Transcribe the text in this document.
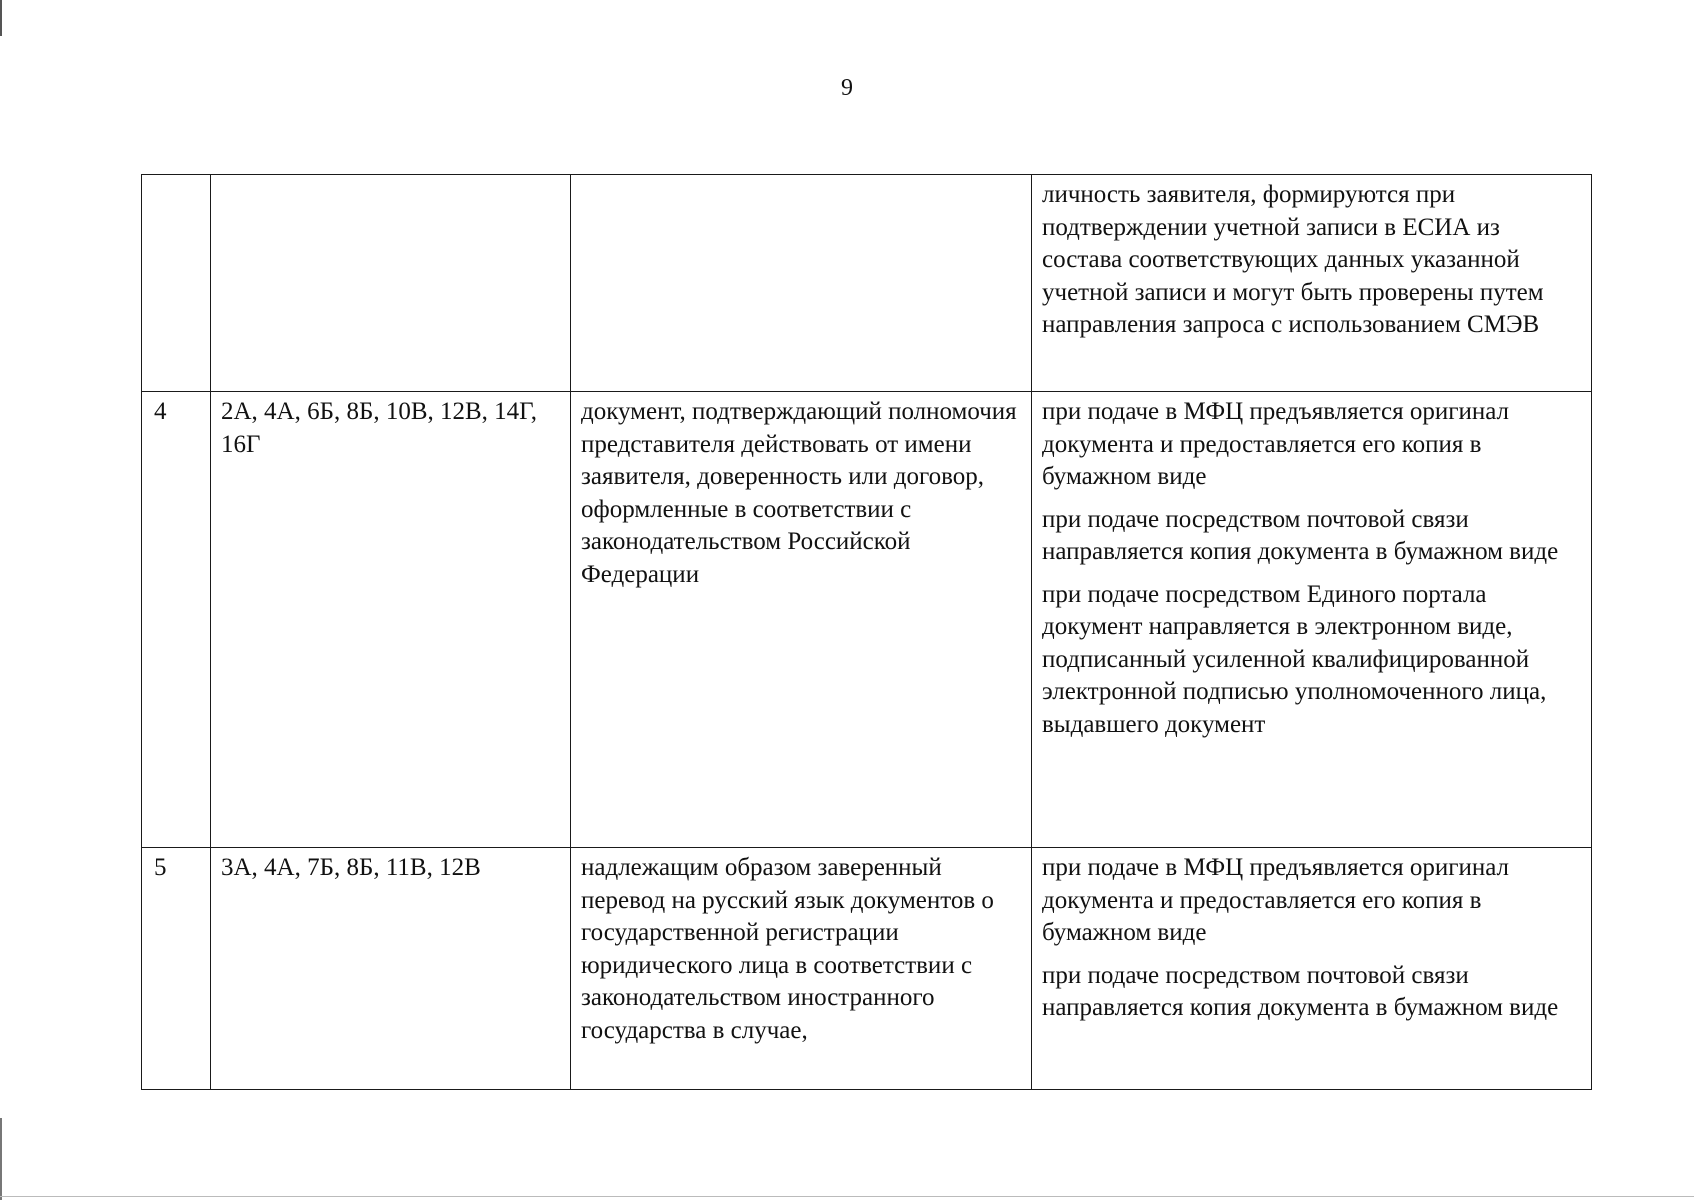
9

			личность заявителя, формируются при подтверждении учетной записи в ЕСИА из состава соответствующих данных указанной учетной записи и могут быть проверены путем направления запроса с использованием СМЭВ

4	2А, 4А, 6Б, 8Б, 10В, 12В, 14Г, 16Г	документ, подтверждающий полномочия представителя действовать от имени заявителя, доверенность или договор, оформленные в соответствии с законодательством Российской Федерации	при подаче в МФЦ предъявляется оригинал документа и предоставляется его копия в бумажном виде
при подаче посредством почтовой связи направляется копия документа в бумажном виде
при подаче посредством Единого портала документ направляется в электронном виде, подписанный усиленной квалифицированной электронной подписью уполномоченного лица, выдавшего документ

5	3А, 4А, 7Б, 8Б, 11В, 12В	надлежащим образом заверенный перевод на русский язык документов о государственной регистрации юридического лица в соответствии с законодательством иностранного государства в случае,	при подаче в МФЦ предъявляется оригинал документа и предоставляется его копия в бумажном виде
при подаче посредством почтовой связи направляется копия документа в бумажном виде
